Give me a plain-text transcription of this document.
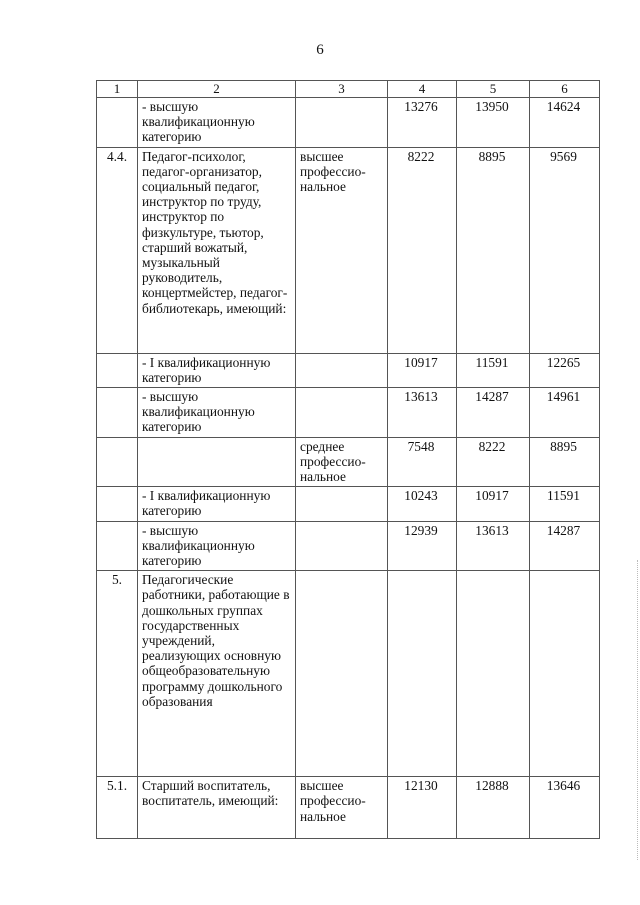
6
1	2	3	4	5	6
	- высшую квалификационную категорию		13276	13950	14624
4.4.	Педагог-психолог, педагог-организатор, социальный педагог, инструктор по труду, инструктор по физкультуре, тьютор, старший вожатый, музыкальный руководитель, концертмейстер, педагог-библиотекарь, имеющий:	высшее профессио-нальное	8222	8895	9569
	- I квалификационную категорию		10917	11591	12265
	- высшую квалификационную категорию		13613	14287	14961
		среднее профессио-нальное	7548	8222	8895
	- I квалификационную категорию		10243	10917	11591
	- высшую квалификационную категорию		12939	13613	14287
5.	Педагогические работники, работающие в дошкольных группах государственных учреждений, реализующих основную общеобразовательную программу дошкольного образования				
5.1.	Старший воспитатель, воспитатель, имеющий:	высшее профессио-нальное	12130	12888	13646
